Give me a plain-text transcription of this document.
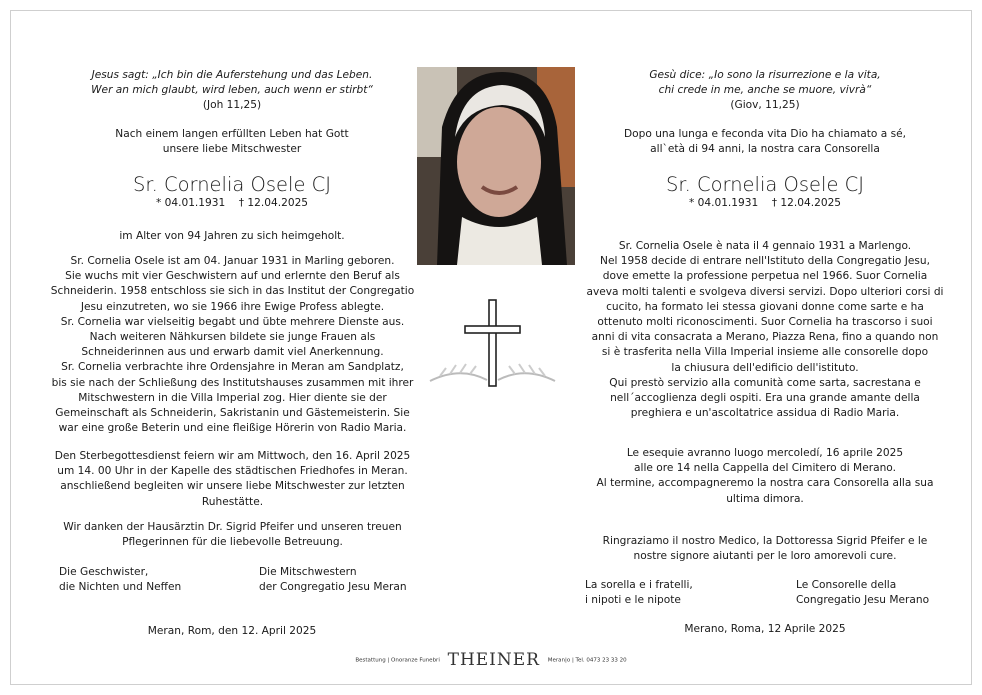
Jesus sagt: „Ich bin die Auferstehung und das Leben.
Wer an mich glaubt, wird leben, auch wenn er stirbt“
(Joh 11,25)
Nach einem langen erfüllten Leben hat Gott
unsere liebe Mitschwester
Sr. Cornelia Osele CJ
* 04.01.1931    † 12.04.2025
im Alter von 94 Jahren zu sich heimgeholt.
Sr. Cornelia Osele ist am 04. Januar 1931 in Marling geboren.
Sie wuchs mit vier Geschwistern auf und erlernte den Beruf als
Schneiderin. 1958 entschloss sie sich in das Institut der Congregatio
Jesu einzutreten, wo sie 1966 ihre Ewige Profess ablegte.
Sr. Cornelia war vielseitig begabt und übte mehrere Dienste aus.
Nach weiteren Nähkursen bildete sie junge Frauen als
Schneiderinnen aus und erwarb damit viel Anerkennung.
Sr. Cornelia verbrachte ihre Ordensjahre in Meran am Sandplatz,
bis sie nach der Schließung des Institutshauses zusammen mit ihrer
Mitschwestern in die Villa Imperial zog. Hier diente sie der
Gemeinschaft als Schneiderin, Sakristanin und Gästemeisterin. Sie
war eine große Beterin und eine fleißige Hörerin von Radio Maria.
Den Sterbegottesdienst feiern wir am Mittwoch, den 16. April 2025
um 14. 00 Uhr in der Kapelle des städtischen Friedhofes in Meran.
anschließend begleiten wir unsere liebe Mitschwester zur letzten
Ruhestätte.
Wir danken der Hausärztin Dr. Sigrid Pfeifer und unseren treuen
Pflegerinnen für die liebevolle Betreuung.
Die Geschwister,
die Nichten und Neffen
Die Mitschwestern
der Congregatio Jesu Meran
Meran, Rom, den 12. April 2025
Gesù dice: „Io sono la risurrezione e la vita,
chi crede in me, anche se muore, vivrà“
(Giov, 11,25)
Dopo una lunga e feconda vita Dio ha chiamato a sé,
all`età di 94 anni, la nostra cara Consorella
Sr. Cornelia Osele CJ
* 04.01.1931    † 12.04.2025
Sr. Cornelia Osele è nata il 4 gennaio 1931 a Marlengo.
Nel 1958 decide di entrare nell'Istituto della Congregatio Jesu,
dove emette la professione perpetua nel 1966. Suor Cornelia
aveva molti talenti e svolgeva diversi servizi. Dopo ulteriori corsi di
cucito, ha formato lei stessa giovani donne come sarte e ha
ottenuto molti riconoscimenti. Suor Cornelia ha trascorso i suoi
anni di vita consacrata a Merano, Piazza Rena, fino a quando non
si è trasferita nella Villa Imperial insieme alle consorelle dopo
la chiusura dell'edificio dell'istituto.
Qui prestò servizio alla comunità come sarta, sacrestana e
nell´accoglienza degli ospiti. Era una grande amante della
preghiera e un'ascoltatrice assidua di Radio Maria.
Le esequie avranno luogo mercoledí, 16 aprile 2025
alle ore 14 nella Cappella del Cimitero di Merano.
Al termine, accompagneremo la nostra cara Consorella alla sua
ultima dimora.
Ringraziamo il nostro Medico, la Dottoressa Sigrid Pfeifer e le
nostre signore aiutanti per le loro amorevoli cure.
La sorella e i fratelli,
i nipoti e le nipote
Le Consorelle della
Congregatio Jesu Merano
Merano, Roma, 12 Aprile 2025
Bestattung | Onoranze Funebri THEINER Meran|o | Tel. 0473 23 33 20
